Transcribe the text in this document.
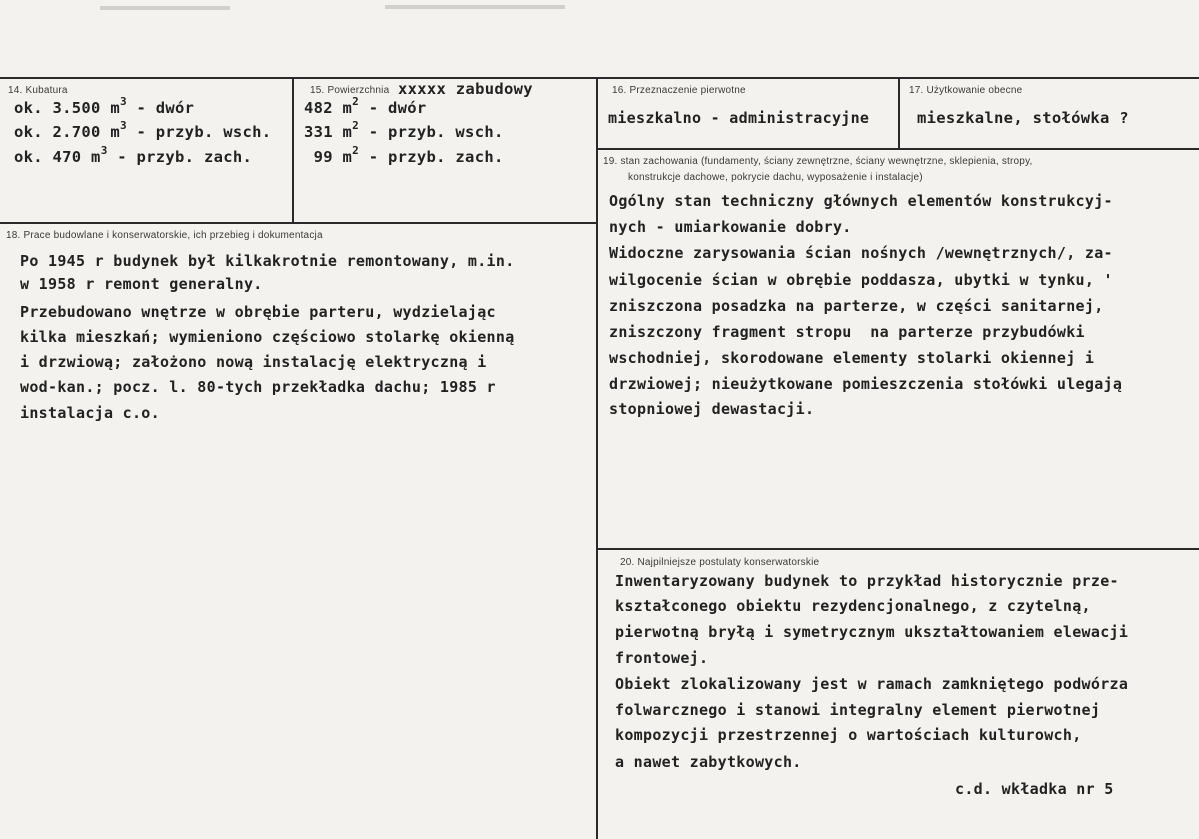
14. Kubatura

ok. 3.500 $m^3$ - dwór

ok. 2.700 $m^3$ - przyb. wsch.

ok. 470 $m^3$ - przyb. zach.

15. Powierzchnia xxxxx zabudowy

482 $m^2$ - dwór

331 $m^2$ - przyb. wsch.

99 $m^2$ - przyb. zach.

16. Przeznaczenie pierwotne
mieszkalno - administracyjne
17. Użytkowanie obecne
mieszkalne, stołówka ?
19. stan zachowania (fundamenty, ściany zewnętrzne, ściany wewnętrzne, sklepienia, stropy,
konstrukcje dachowe, pokrycie dachu, wyposażenie i instalacje)

Ogólny stan techniczny głównych elementów konstrukcyj-

nych - umiarkowanie dobry.

Widoczne zarysowania ścian nośnych /wewnętrznych/, za-

wilgocenie ścian w obrębie poddasza, ubytki w tynku, '

zniszczona posadzka na parterze, w części sanitarnej,

zniszczony fragment stropu  na parterze przybudówki

wschodniej, skorodowane elementy stolarki okiennej i

drzwiowej; nieużytkowane pomieszczenia stołówki ulegają

stopniowej dewastacji.

18. Prace budowlane i konserwatorskie, ich przebieg i dokumentacja

Po 1945 r budynek był kilkakrotnie remontowany, m.in.

w 1958 r remont generalny.

Przebudowano wnętrze w obrębie parteru, wydzielając

kilka mieszkań; wymieniono częściowo stolarkę okienną

i drzwiową; założono nową instalację elektryczną i

wod-kan.; pocz. l. 80-tych przekładka dachu; 1985 r

instalacja c.o.

20. Najpilniejsze postulaty konserwatorskie

Inwentaryzowany budynek to przykład historycznie prze-

kształconego obiektu rezydencjonalnego, z czytelną,

pierwotną bryłą i symetrycznym ukształtowaniem elewacji

frontowej.

Obiekt zlokalizowany jest w ramach zamkniętego podwórza

folwarcznego i stanowi integralny element pierwotnej

kompozycji przestrzennej o wartościach kulturowch,

a nawet zabytkowych.

c.d. wkładka nr 5
